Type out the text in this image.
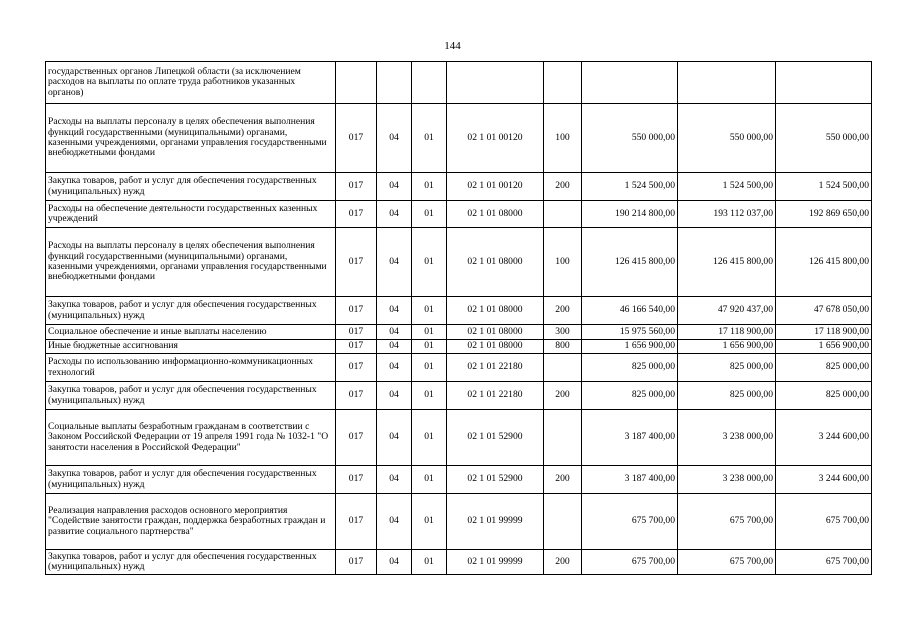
144
государственных органов Липецкой области (за исключением расходов на выплаты по оплате труда работников указанных органов)								
Расходы на выплаты персоналу в целях обеспечения выполнения функций государственными (муниципальными) органами, казенными учреждениями, органами управления государственными внебюджетными фондами	017	04	01	02 1 01 00120	100	550 000,00	550 000,00	550 000,00
Закупка товаров, работ и услуг для обеспечения государственных (муниципальных) нужд	017	04	01	02 1 01 00120	200	1 524 500,00	1 524 500,00	1 524 500,00
Расходы на обеспечение деятельности государственных казенных учреждений	017	04	01	02 1 01 08000		190 214 800,00	193 112 037,00	192 869 650,00
Расходы на выплаты персоналу в целях обеспечения выполнения функций государственными (муниципальными) органами, казенными учреждениями, органами управления государственными внебюджетными фондами	017	04	01	02 1 01 08000	100	126 415 800,00	126 415 800,00	126 415 800,00
Закупка товаров, работ и услуг для обеспечения государственных (муниципальных) нужд	017	04	01	02 1 01 08000	200	46 166 540,00	47 920 437,00	47 678 050,00
Социальное обеспечение и иные выплаты населению	017	04	01	02 1 01 08000	300	15 975 560,00	17 118 900,00	17 118 900,00
Иные бюджетные ассигнования	017	04	01	02 1 01 08000	800	1 656 900,00	1 656 900,00	1 656 900,00
Расходы по использованию информационно-коммуникационных технологий	017	04	01	02 1 01 22180		825 000,00	825 000,00	825 000,00
Закупка товаров, работ и услуг для обеспечения государственных (муниципальных) нужд	017	04	01	02 1 01 22180	200	825 000,00	825 000,00	825 000,00
Социальные выплаты безработным гражданам в соответствии с Законом Российской Федерации от 19 апреля 1991 года № 1032-1 "О занятости населения в Российской Федерации"	017	04	01	02 1 01 52900		3 187 400,00	3 238 000,00	3 244 600,00
Закупка товаров, работ и услуг для обеспечения государственных (муниципальных) нужд	017	04	01	02 1 01 52900	200	3 187 400,00	3 238 000,00	3 244 600,00
Реализация направления расходов основного мероприятия "Содействие занятости граждан, поддержка безработных граждан и развитие социального партнерства"	017	04	01	02 1 01 99999		675 700,00	675 700,00	675 700,00
Закупка товаров, работ и услуг для обеспечения государственных (муниципальных) нужд	017	04	01	02 1 01 99999	200	675 700,00	675 700,00	675 700,00
